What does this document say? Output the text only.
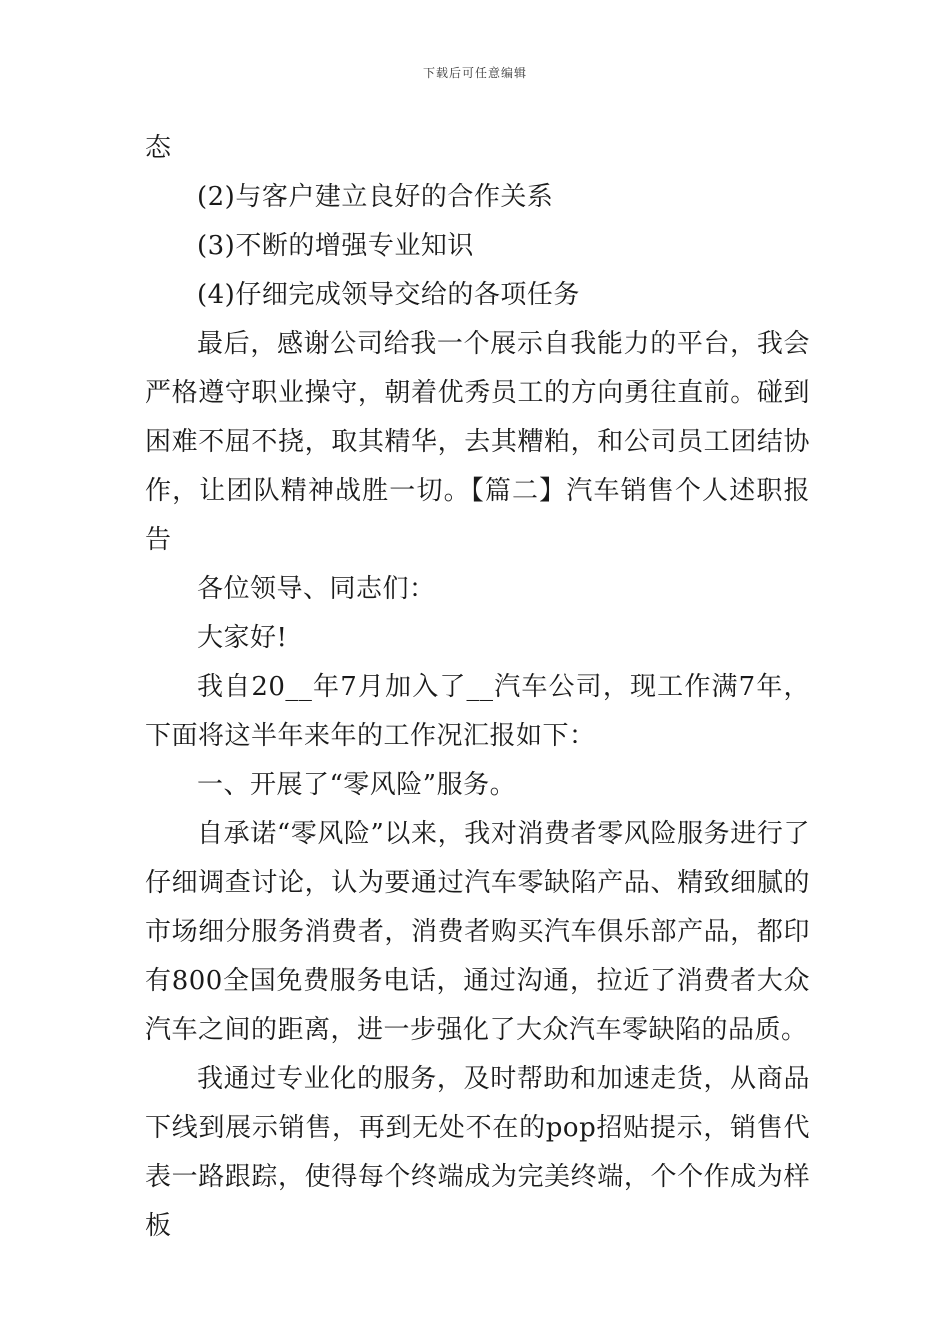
下载后可任意编辑

态

(2)与客户建立良好的合作关系

(3)不断的增强专业知识

(4)仔细完成领导交给的各项任务

最后，感谢公司给我一个展示自我能力的平台，我会严格遵守职业操守，朝着优秀员工的方向勇往直前。碰到困难不屈不挠，取其精华，去其糟粕，和公司员工团结协作，让团队精神战胜一切。【篇二】汽车销售个人述职报告

各位领导、同志们：

大家好!

我自20__年7月加入了__汽车公司，现工作满7年，下面将这半年来年的工作况汇报如下：

一、开展了“零风险”服务。

自承诺“零风险”以来，我对消费者零风险服务进行了仔细调查讨论，认为要通过汽车零缺陷产品、精致细腻的市场细分服务消费者，消费者购买汽车俱乐部产品，都印有800全国免费服务电话，通过沟通，拉近了消费者大众汽车之间的距离，进一步强化了大众汽车零缺陷的品质。

我通过专业化的服务，及时帮助和加速走货，从商品下线到展示销售，再到无处不在的pop招贴提示，销售代表一路跟踪，使得每个终端成为完美终端，个个作成为样板
